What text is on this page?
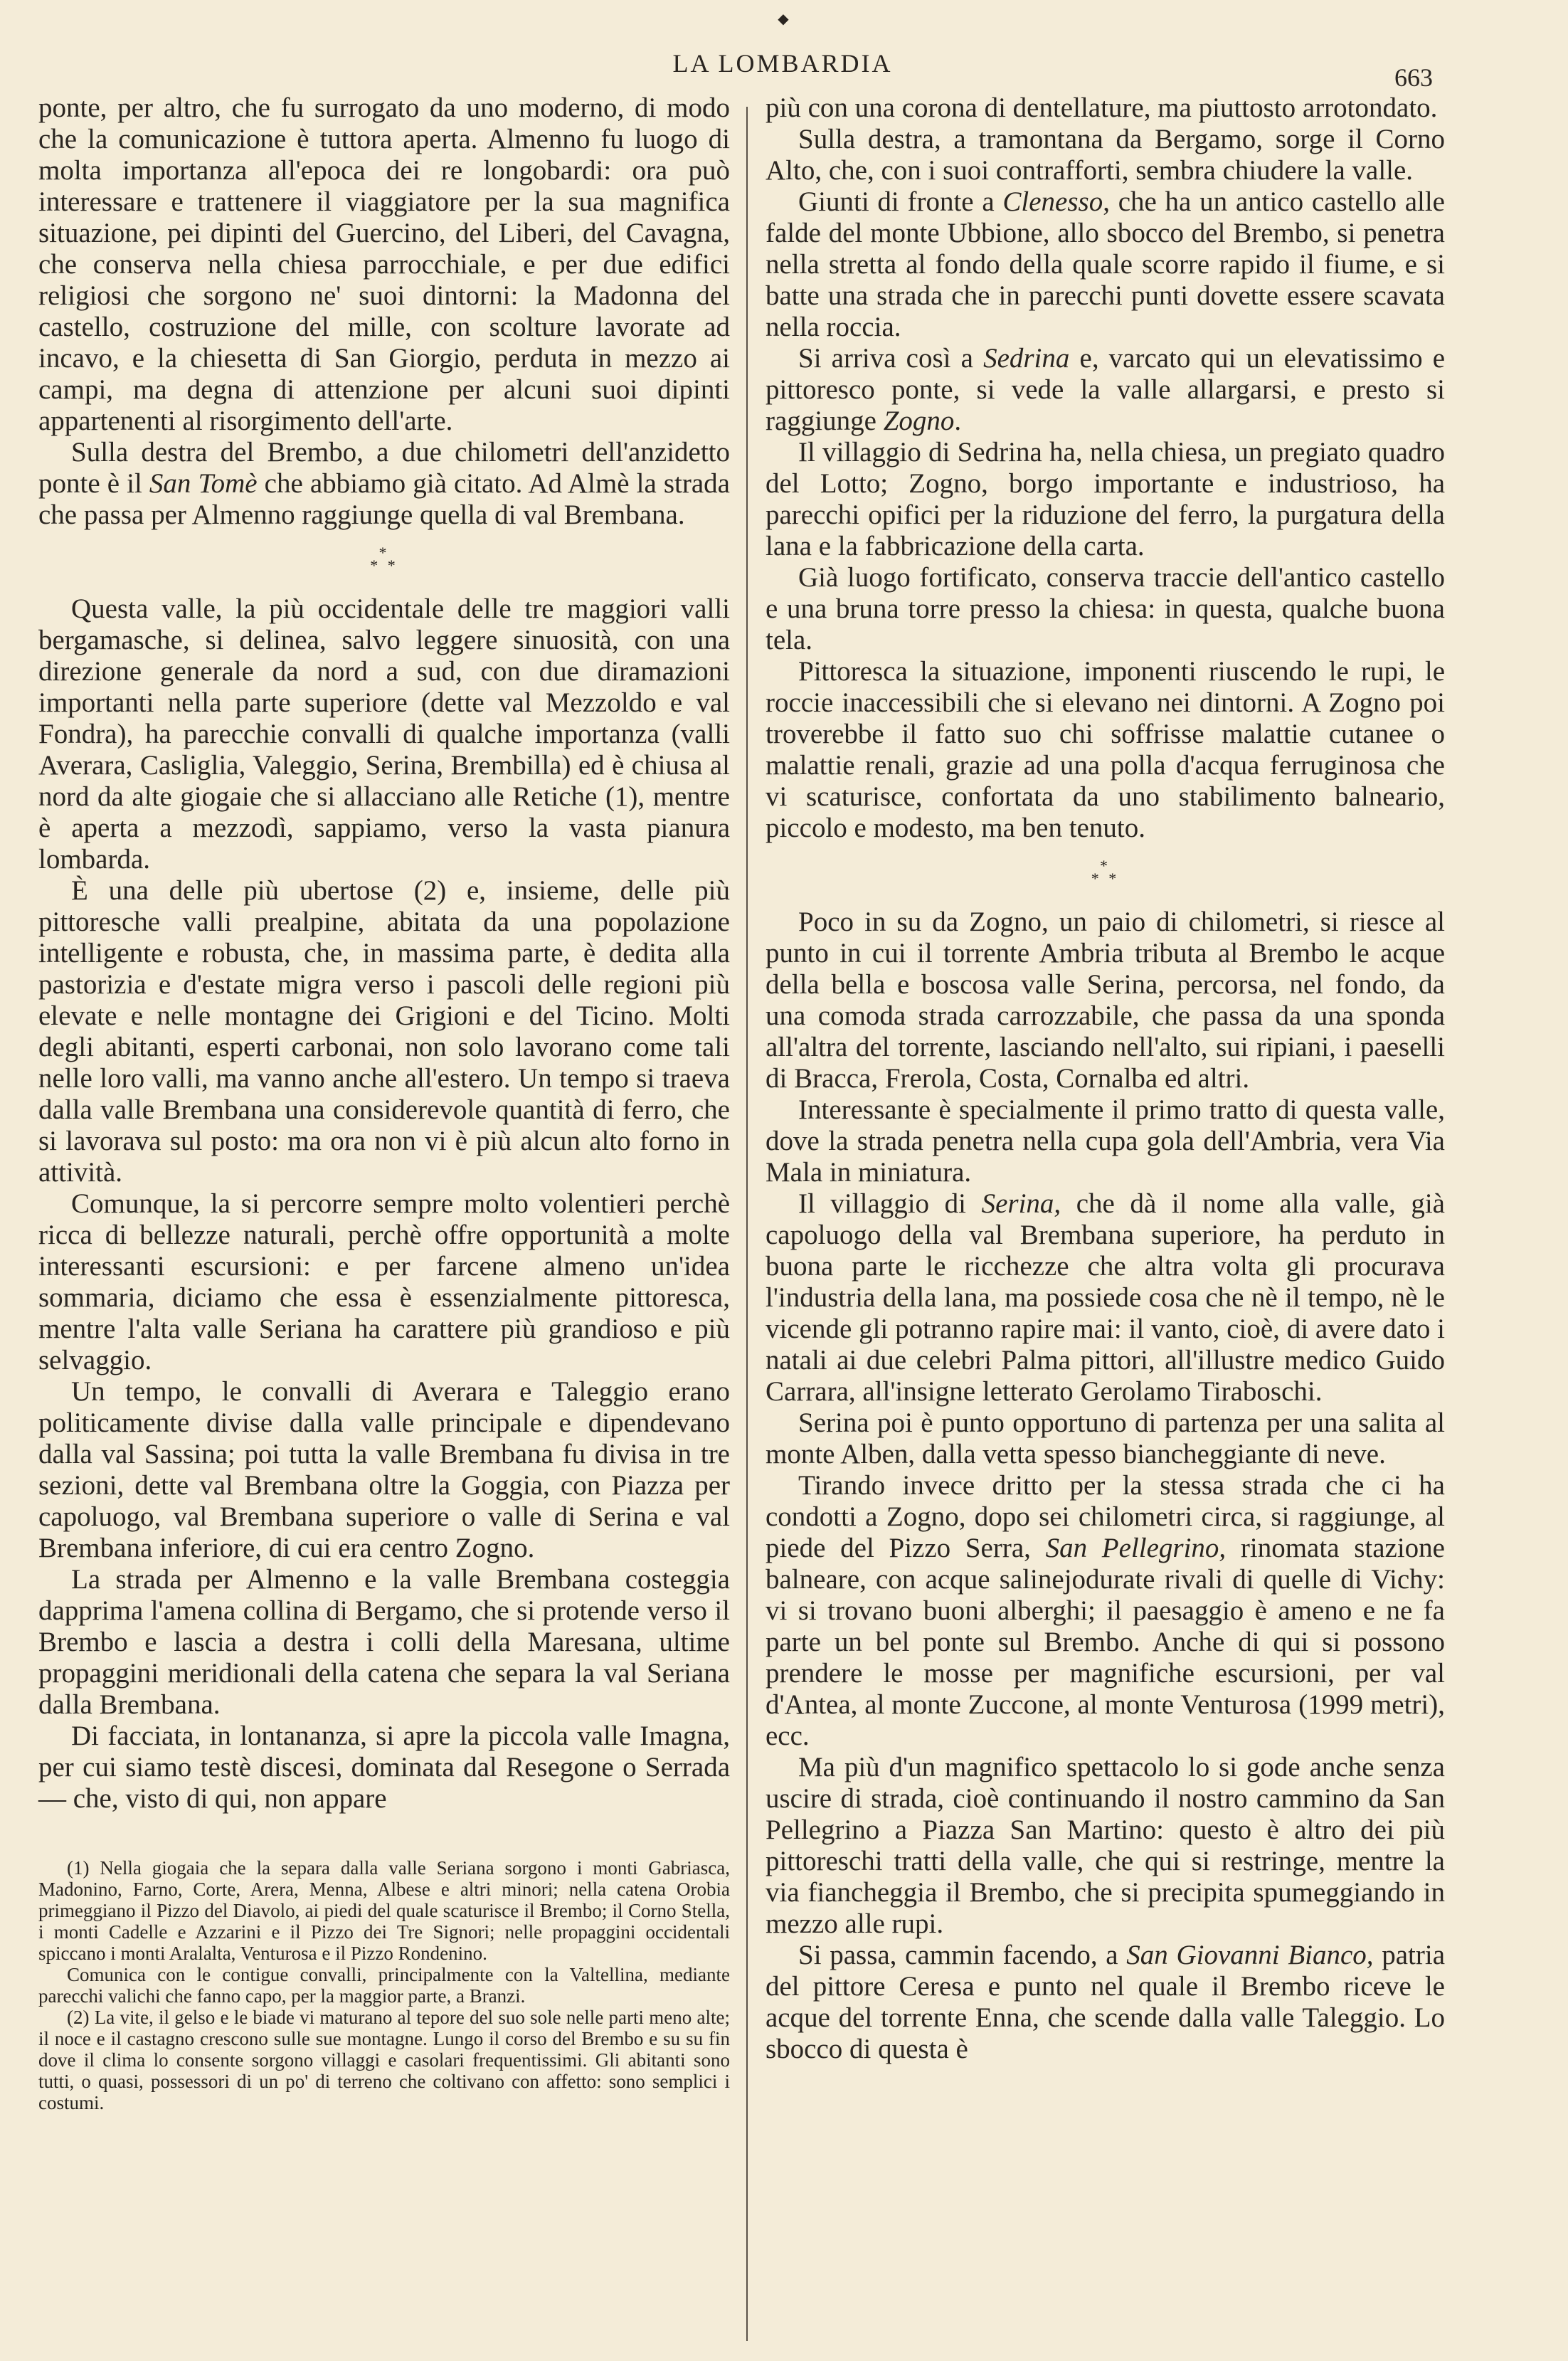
◆
LA LOMBARDIA	663

ponte, per altro, che fu surrogato da uno moderno, di modo che la comunicazione è tuttora aperta. Almenno fu luogo di molta importanza all'epoca dei re longobardi: ora può interessare e trattenere il viaggiatore per la sua magnifica situazione, pei dipinti del Guercino, del Liberi, del Cavagna, che conserva nella chiesa parrocchiale, e per due edifici religiosi che sorgono ne' suoi dintorni: la Madonna del castello, costruzione del mille, con scolture lavorate ad incavo, e la chiesetta di San Giorgio, perduta in mezzo ai campi, ma degna di attenzione per alcuni suoi dipinti appartenenti al risorgimento dell'arte.

Sulla destra del Brembo, a due chilometri dell'anzidetto ponte è il San Tomè che abbiamo già citato. Ad Almè la strada che passa per Almenno raggiunge quella di val Brembana.

*
* *

Questa valle, la più occidentale delle tre maggiori valli bergamasche, si delinea, salvo leggere sinuosità, con una direzione generale da nord a sud, con due diramazioni importanti nella parte superiore (dette val Mezzoldo e val Fondra), ha parecchie convalli di qualche importanza (valli Averara, Casliglia, Valeggio, Serina, Brembilla) ed è chiusa al nord da alte giogaie che si allacciano alle Retiche (1), mentre è aperta a mezzodì, sappiamo, verso la vasta pianura lombarda.

È una delle più ubertose (2) e, insieme, delle più pittoresche valli prealpine, abitata da una popolazione intelligente e robusta, che, in massima parte, è dedita alla pastorizia e d'estate migra verso i pascoli delle regioni più elevate e nelle montagne dei Grigioni e del Ticino. Molti degli abitanti, esperti carbonai, non solo lavorano come tali nelle loro valli, ma vanno anche all'estero. Un tempo si traeva dalla valle Brembana una considerevole quantità di ferro, che si lavorava sul posto: ma ora non vi è più alcun alto forno in attività.

Comunque, la si percorre sempre molto volentieri perchè ricca di bellezze naturali, perchè offre opportunità a molte interessanti escursioni: e per farcene almeno un'idea sommaria, diciamo che essa è essenzialmente pittoresca, mentre l'alta valle Seriana ha carattere più grandioso e più selvaggio.

Un tempo, le convalli di Averara e Taleggio erano politicamente divise dalla valle principale e dipendevano dalla val Sassina; poi tutta la valle Brembana fu divisa in tre sezioni, dette val Brembana oltre la Goggia, con Piazza per capoluogo, val Brembana superiore o valle di Serina e val Brembana inferiore, di cui era centro Zogno.

La strada per Almenno e la valle Brembana costeggia dapprima l'amena collina di Bergamo, che si protende verso il Brembo e lascia a destra i colli della Maresana, ultime propaggini meridionali della catena che separa la val Seriana dalla Brembana.

Di facciata, in lontananza, si apre la piccola valle Imagna, per cui siamo testè discesi, dominata dal Resegone o Serrada — che, visto di qui, non appare

(1) Nella giogaia che la separa dalla valle Seriana sorgono i monti Gabriasca, Madonino, Farno, Corte, Arera, Menna, Albese e altri minori; nella catena Orobia primeggiano il Pizzo del Diavolo, ai piedi del quale scaturisce il Brembo; il Corno Stella, i monti Cadelle e Azzarini e il Pizzo dei Tre Signori; nelle propaggini occidentali spiccano i monti Aralalta, Venturosa e il Pizzo Rondenino.

Comunica con le contigue convalli, principalmente con la Valtellina, mediante parecchi valichi che fanno capo, per la maggior parte, a Branzi.

(2) La vite, il gelso e le biade vi maturano al tepore del suo sole nelle parti meno alte; il noce e il castagno crescono sulle sue montagne. Lungo il corso del Brembo e su su fin dove il clima lo consente sorgono villaggi e casolari frequentissimi. Gli abitanti sono tutti, o quasi, possessori di un po' di terreno che coltivano con affetto: sono semplici i costumi.

più con una corona di dentellature, ma piuttosto arrotondato.

Sulla destra, a tramontana da Bergamo, sorge il Corno Alto, che, con i suoi contrafforti, sembra chiudere la valle.

Giunti di fronte a Clenesso, che ha un antico castello alle falde del monte Ubbione, allo sbocco del Brembo, si penetra nella stretta al fondo della quale scorre rapido il fiume, e si batte una strada che in parecchi punti dovette essere scavata nella roccia.

Si arriva così a Sedrina e, varcato qui un elevatissimo e pittoresco ponte, si vede la valle allargarsi, e presto si raggiunge Zogno.

Il villaggio di Sedrina ha, nella chiesa, un pregiato quadro del Lotto; Zogno, borgo importante e industrioso, ha parecchi opifici per la riduzione del ferro, la purgatura della lana e la fabbricazione della carta.

Già luogo fortificato, conserva traccie dell'antico castello e una bruna torre presso la chiesa: in questa, qualche buona tela.

Pittoresca la situazione, imponenti riuscendo le rupi, le roccie inaccessibili che si elevano nei dintorni. A Zogno poi troverebbe il fatto suo chi soffrisse malattie cutanee o malattie renali, grazie ad una polla d'acqua ferruginosa che vi scaturisce, confortata da uno stabilimento balneario, piccolo e modesto, ma ben tenuto.

*
* *

Poco in su da Zogno, un paio di chilometri, si riesce al punto in cui il torrente Ambria tributa al Brembo le acque della bella e boscosa valle Serina, percorsa, nel fondo, da una comoda strada carrozzabile, che passa da una sponda all'altra del torrente, lasciando nell'alto, sui ripiani, i paeselli di Bracca, Frerola, Costa, Cornalba ed altri.

Interessante è specialmente il primo tratto di questa valle, dove la strada penetra nella cupa gola dell'Ambria, vera Via Mala in miniatura.

Il villaggio di Serina, che dà il nome alla valle, già capoluogo della val Brembana superiore, ha perduto in buona parte le ricchezze che altra volta gli procurava l'industria della lana, ma possiede cosa che nè il tempo, nè le vicende gli potranno rapire mai: il vanto, cioè, di avere dato i natali ai due celebri Palma pittori, all'illustre medico Guido Carrara, all'insigne letterato Gerolamo Tiraboschi.

Serina poi è punto opportuno di partenza per una salita al monte Alben, dalla vetta spesso biancheggiante di neve.

Tirando invece dritto per la stessa strada che ci ha condotti a Zogno, dopo sei chilometri circa, si raggiunge, al piede del Pizzo Serra, San Pellegrino, rinomata stazione balneare, con acque salinejodurate rivali di quelle di Vichy: vi si trovano buoni alberghi; il paesaggio è ameno e ne fa parte un bel ponte sul Brembo. Anche di qui si possono prendere le mosse per magnifiche escursioni, per val d'Antea, al monte Zuccone, al monte Venturosa (1999 metri), ecc.

Ma più d'un magnifico spettacolo lo si gode anche senza uscire di strada, cioè continuando il nostro cammino da San Pellegrino a Piazza San Martino: questo è altro dei più pittoreschi tratti della valle, che qui si restringe, mentre la via fiancheggia il Brembo, che si precipita spumeggiando in mezzo alle rupi.

Si passa, cammin facendo, a San Giovanni Bianco, patria del pittore Ceresa e punto nel quale il Brembo riceve le acque del torrente Enna, che scende dalla valle Taleggio. Lo sbocco di questa è
